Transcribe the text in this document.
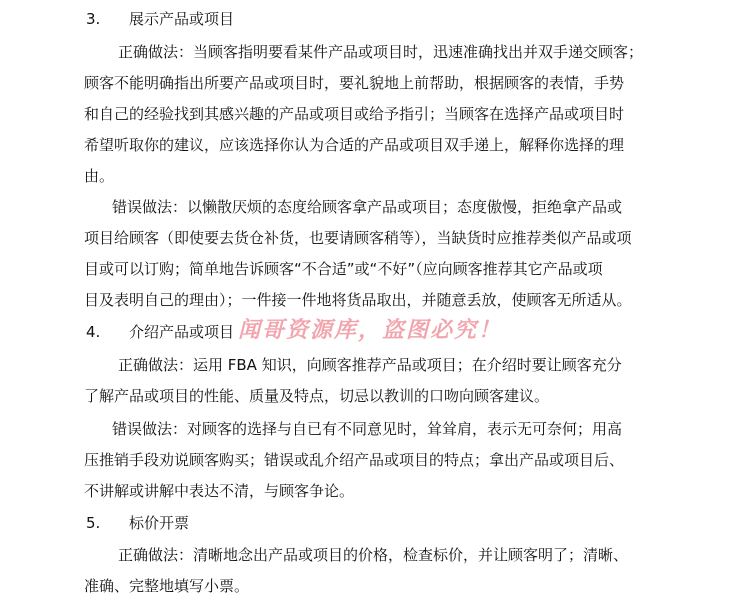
3. 展示产品或项目
正确做法：当顾客指明要看某件产品或项目时，迅速准确找出并双手递交顾客；
顾客不能明确指出所要产品或项目时，要礼貌地上前帮助，根据顾客的表情，手势
和自己的经验找到其感兴趣的产品或项目或给予指引；当顾客在选择产品或项目时
希望听取你的建议，应该选择你认为合适的产品或项目双手递上，解释你选择的理
由。
错误做法：以懒散厌烦的态度给顾客拿产品或项目；态度傲慢，拒绝拿产品或
项目给顾客（即使要去货仓补货，也要请顾客稍等），当缺货时应推荐类似产品或项
目或可以订购；简单地告诉顾客“不合适”或“不好”（应向顾客推荐其它产品或项
目及表明自己的理由）；一件接一件地将货品取出，并随意丢放，使顾客无所适从。
4. 介绍产品或项目
正确做法：运用 FBA 知识，向顾客推荐产品或项目；在介绍时要让顾客充分
了解产品或项目的性能、质量及特点，切忌以教训的口吻向顾客建议。
错误做法：对顾客的选择与自已有不同意见时，耸耸肩，表示无可奈何；用高
压推销手段劝说顾客购买；错误或乱介绍产品或项目的特点；拿出产品或项目后、
不讲解或讲解中表达不清，与顾客争论。
5. 标价开票
正确做法：清晰地念出产品或项目的价格，检查标价，并让顾客明了；清晰、
准确、完整地填写小票。
闻哥资源库，盗图必究！
